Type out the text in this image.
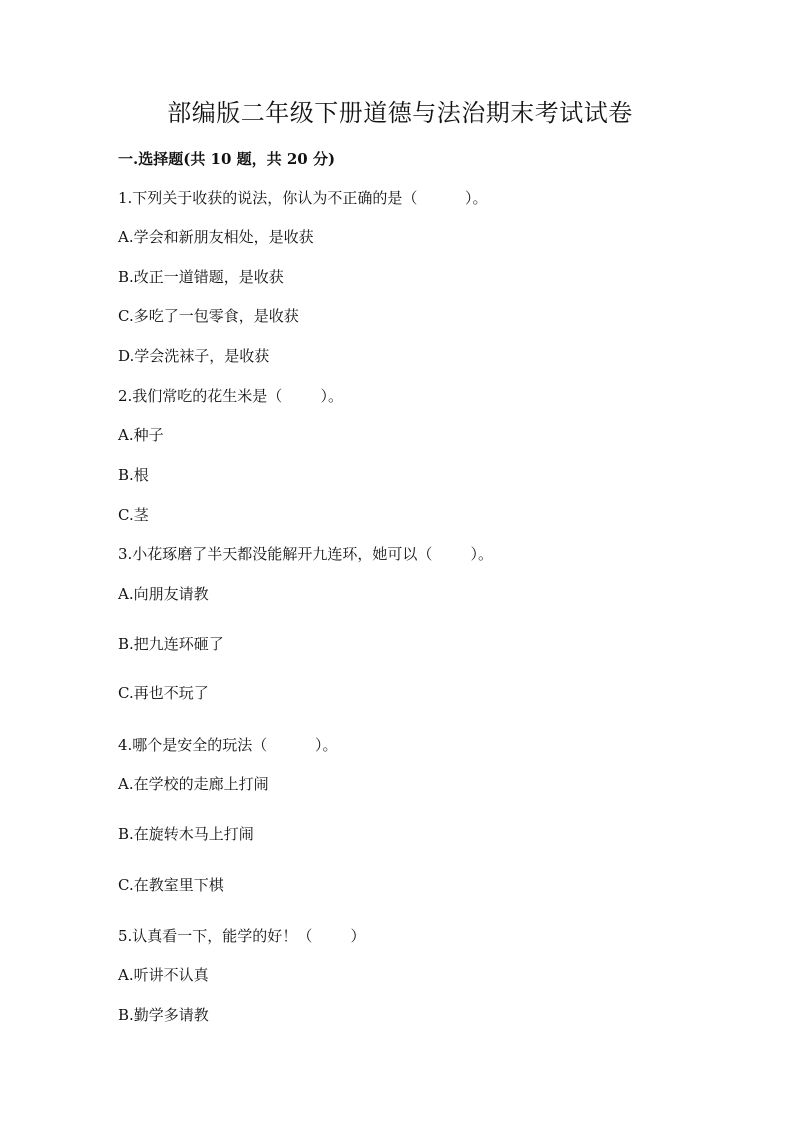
部编版二年级下册道德与法治期末考试试卷
一.选择题(共 10 题，共 20 分)
1.下列关于收获的说法，你认为不正确的是（          ）。
A.学会和新朋友相处，是收获
B.改正一道错题，是收获
C.多吃了一包零食，是收获
D.学会洗袜子，是收获
2.我们常吃的花生米是（        ）。
A.种子
B.根
C.茎
3.小花琢磨了半天都没能解开九连环，她可以（        ）。
A.向朋友请教
B.把九连环砸了
C.再也不玩了
4.哪个是安全的玩法（          ）。
A.在学校的走廊上打闹
B.在旋转木马上打闹
C.在教室里下棋
5.认真看一下，能学的好！（        ）
A.听讲不认真
B.勤学多请教
